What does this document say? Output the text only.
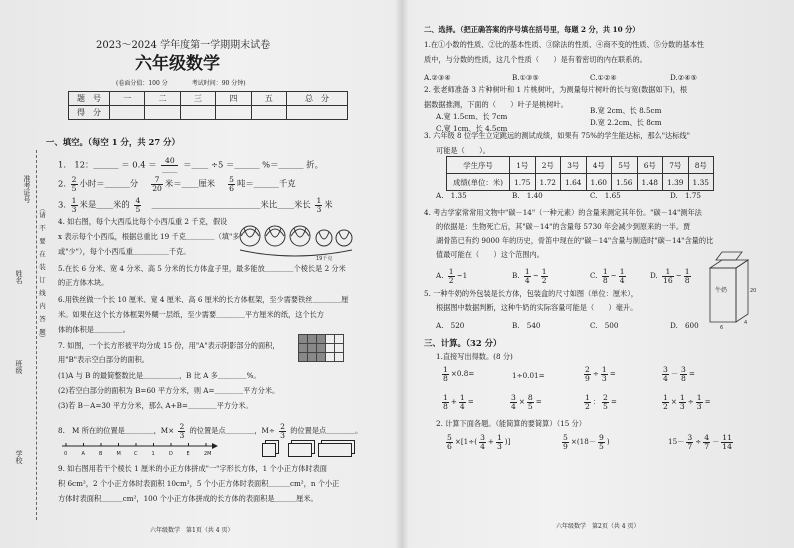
准考证号
姓名
班级
学校
（请　不　要　在　装　订　线　内　答　题）
2023～2024 学年度第一学期期末试卷
六年级数学
(卷面分值：100 分　　　　考试时间：90 分钟)
题　号	一	二	三	四	五	总　分
得　分						
一、填空。（每空 1 分，共 27 分）
1.　12：＿＿＿ ＝ $0.4 = \frac{40}{\_\_}$ ＝＿＿ ÷5 ＝＿＿＿ %＝＿＿＿ 折。
2. $\frac{2}{5}$ 小时＝＿＿＿分　 $\frac{7}{20}$ 米＝＿＿厘米　 $\frac{5}{6}$ 吨＝＿＿＿千克
3. $\frac{1}{3}$ 米是＿＿米的 $\frac{4}{5}$ 　＿＿＿＿＿＿＿＿＿＿＿＿＿米比＿＿米长 $\frac{1}{3}$ 米
4. 如右图，每个大西瓜比每个小西瓜重 2 千克，假设
x 表示每个小西瓜，根据总重比 19 千克＿＿＿＿（填"多"
或"少"），每个小西瓜重＿＿＿＿＿千克。
19千克
5.在长 6 分米、宽 4 分米、高 5 分米的长方体盒子里，最多能放＿＿＿＿个棱长是 2 分米
的正方体木块。
6.用铁丝做一个长 10 厘米、宽 4 厘米、高 6 厘米的长方体框架，至少需要铁丝＿＿＿＿厘
米。如果在这个长方体框架外糊一层纸，至少需要＿＿＿＿平方厘米的纸，这个长方
体的体积是＿＿＿＿。
7. 如图，一个长方形被平均分成 15 份，用"A"表示阴影部分的面积，
用"B"表示空白部分的面积。

(1)A 与 B 的最简整数比是＿＿＿＿＿，B 比 A 多＿＿＿＿%。
(2)若空白部分的面积为 B=60 平方分米，则 A=＿＿＿＿平方分米。
(3)若 B－A=30 平方分米，那么 A+B=＿＿＿＿平方分米。
8.　M 所在的位置是＿＿＿＿，$M\times \frac{2}{3}$ 的位置是点＿＿＿＿，$M\div \frac{2}{3}$ 的位置是点＿＿＿＿。
0	A	B	M	C	1	D	E	2M
9. 如右图用若干个棱长 1 厘米的小正方体拼成"一"字形长方体，1 个小正方体时表面
积 6cm²，2 个小正方体时表面积 10cm²，5 个小正方体时表面积＿＿＿cm²，n 个小正
方体时表面积＿＿＿cm²，100 个小正方体拼成的长方体的表面积是＿＿＿厘米。
六年级数学　第1页（共 4 页）
二、选择。（把正确答案的序号填在括号里，每题 2 分，共 10 分）
1.在①小数的性质、②比的基本性质、③除法的性质、④商不变的性质、⑤分数的基本性
质中，与分数的性质，这几个性质（　　）是有着密切的内在联系的。
A.②③④	B.①③⑤	C.①②④	D.②④⑤
2. 张老师准备 3 片种树叶和 1 片桃树叶，为测量每片树叶的长与宽(数据如下)，根
据数据推测，下面的（　　）叶子是桃树叶。
A.宽 1.5cm、长 7cm
B.宽 2cm、长 8.5cm
C.宽 1cm、长 4.5cm
D.宽 2.2cm、长 8cm
3. 六年级 8 位学生立定跳远的测试成绩，如果有 75%的学生能达标，那么"达标线"
可能是（　　）。
学生序号	1号	2号	3号	4号	5号	6号	7号	8号
成绩(单位：米)	1.75	1.72	1.64	1.60	1.56	1.48	1.39	1.35
A.　1.35	B.　1.40	C.　1.65	D.　1.75
4. 考古学家常常用文物中"碳－14"（一种元素）的含量来测定其年份。"碳－14"测年法
的依据是：生物死亡后，其"碳－14"的含量每 5730 年会减少到原来的一半。贾
湖骨笛已有约 9000 年的历史，骨笛中现在的"碳－14"含量与制造时"碳－14"含量的比
值最可能在（　　）这个范围内。
A. $\frac{1}{2}$ ~1	B. $\frac{1}{4}$ ~ $\frac{1}{2}$	C. $\frac{1}{8}$ ~ $\frac{1}{4}$	D. $\frac{1}{16}$ ~ $\frac{1}{8}$
牛奶
6
4
20
5. 一种牛奶的外包装是长方体，包装盒的尺寸如图（单位：厘米），
根据图中数据判断，这种牛奶的实际容量可能是（　　）毫升。
A.　520	B.　540	C.　500	D.　600
三、计算。（32 分）
1.直接写出得数。(8 分)
$\frac{1}{8} \times 0.8=$	1÷0.01=	$\frac{2}{9} \div \frac{1}{3}$ =	$\frac{3}{4} - \frac{3}{8}$ =
$\frac{1}{8} + \frac{1}{4}$ =	$\frac{3}{4} \times \frac{8}{5}$ =	$\frac{1}{2}$ ： $\frac{2}{5}$ =	$\frac{1}{2} \times \frac{1}{3} \div \frac{1}{3}$ =
2. 计算下面各题。（能简算的要简算）（15 分）
$\frac{5}{6} \times[1\div( \frac{3}{4} + \frac{1}{3}$ )]	$\frac{5}{9} \times(18- \frac{9}{5}$ )	$15- \frac{3}{7} \div \frac{4}{7} - \frac{11}{14}$
六年级数学　第2页（共 4 页）
